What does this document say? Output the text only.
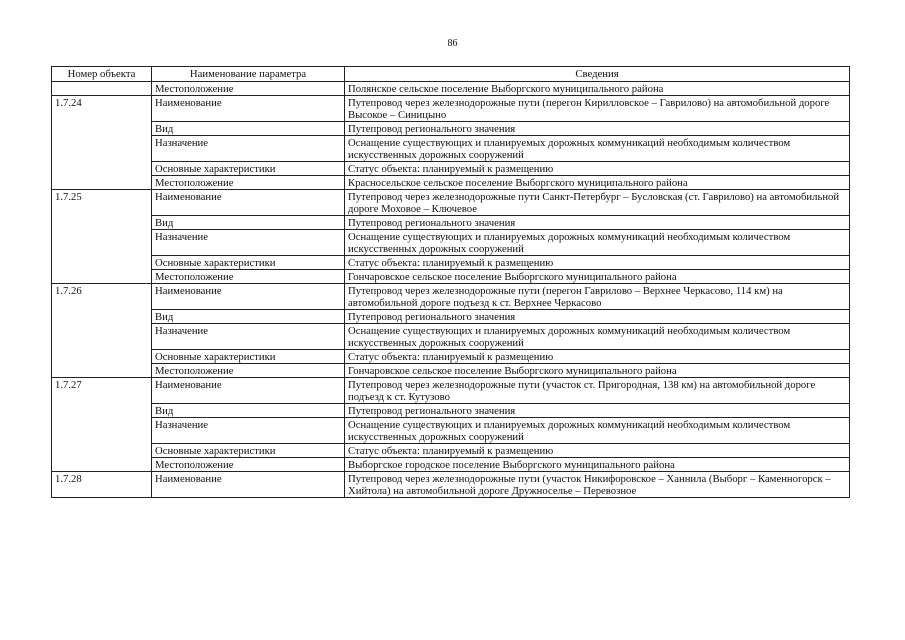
86
Номер объекта	Наименование параметра	Сведения
	Местоположение	Полянское сельское поселение Выборгского муниципального района
1.7.24	Наименование	Путепровод через железнодорожные пути (перегон Кирилловское – Гаврилово) на автомобильной дороге Высокое – Синицыно
	Вид	Путепровод регионального значения
	Назначение	Оснащение существующих и планируемых дорожных коммуникаций необходимым количеством искусственных дорожных сооружений
	Основные характеристики	Статус объекта: планируемый к размещению
	Местоположение	Красносельское сельское поселение Выборгского муниципального района
1.7.25	Наименование	Путепровод через железнодорожные пути Санкт-Петербург – Бусловская (ст. Гаврилово) на автомобильной дороге Моховое – Ключевое
	Вид	Путепровод регионального значения
	Назначение	Оснащение существующих и планируемых дорожных коммуникаций необходимым количеством искусственных дорожных сооружений
	Основные характеристики	Статус объекта: планируемый к размещению
	Местоположение	Гончаровское сельское поселение Выборгского муниципального района
1.7.26	Наименование	Путепровод через железнодорожные пути (перегон Гаврилово – Верхнее Черкасово, 114 км) на автомобильной дороге подъезд к ст. Верхнее Черкасово
	Вид	Путепровод регионального значения
	Назначение	Оснащение существующих и планируемых дорожных коммуникаций необходимым количеством искусственных дорожных сооружений
	Основные характеристики	Статус объекта: планируемый к размещению
	Местоположение	Гончаровское сельское поселение Выборгского муниципального района
1.7.27	Наименование	Путепровод через железнодорожные пути (участок ст. Пригородная, 138 км) на автомобильной дороге подъезд к ст. Кутузово
	Вид	Путепровод регионального значения
	Назначение	Оснащение существующих и планируемых дорожных коммуникаций необходимым количеством искусственных дорожных сооружений
	Основные характеристики	Статус объекта: планируемый к размещению
	Местоположение	Выборгское городское поселение Выборгского муниципального района
1.7.28	Наименование	Путепровод через железнодорожные пути (участок Никифоровское – Ханнила (Выборг – Каменногорск – Хийтола) на автомобильной дороге Дружноселье – Перевозное
